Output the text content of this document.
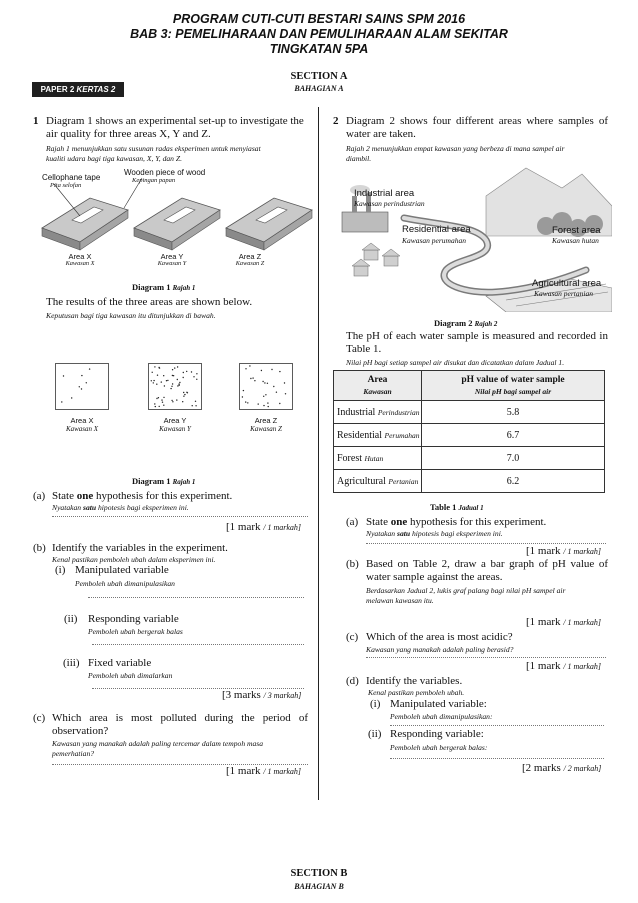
PROGRAM CUTI-CUTI BESTARI SAINS SPM 2016
BAB 3: PEMELIHARAAN DAN PEMULIHARAAN ALAM SEKITAR
TINGKATAN 5PA
SECTION A
BAHAGIAN A
PAPER 2 KERTAS 2
1 Diagram 1 shows an experimental set-up to investigate the
air quality for three areas X, Y and Z.
Rajah 1 menunjukkan satu susunan radas eksperimen untuk menyiasat
kualiti udara bagi tiga kawasan, X, Y, dan Z.
Cellophane tape
Pita selofan
Wooden piece of wood
Kepingan papan
Area X
Kawasan X
Area Y
Kawasan Y
Area Z
Kawasan Z
Diagram 1 Rajah 1
The results of the three areas are shown below.
Keputusan bagi tiga kawasan itu ditunjukkan di bawah.
Area X
Kawasan X
Area Y
Kawasan Y
Area Z
Kawasan Z
Diagram 1 Rajah 1
(a) State one hypothesis for this experiment.
Nyatakan satu hipotesis bagi eksperimen ini.
[1 mark / 1 markah]
(b) Identify the variables in the experiment.
Kenal pastikan pemboleh ubah dalam eksperimen ini.
(i) Manipulated variable
Pemboleh ubah dimanipulasikan
(ii) Responding variable
Pemboleh ubah bergerak balas
(iii) Fixed variable
Pemboleh ubah dimalarkan
[3 marks / 3 markah]
(c) Which area is most polluted during the period of
observation?
Kawasan yang manakah adalah paling tercemar dalam tempoh masa
pemerhatian?
[1 mark / 1 markah]
2 Diagram 2 shows four different areas where samples of
water are taken.
Rajah 2 menunjukkan empat kawasan yang berbeza di mana sampel air
diambil.
Industrial area
Kawasan perindustrian
Residential area
Kawasan perumahan
Forest area
Kawasan hutan
Agricultural area
Kawasan pertanian
Diagram 2 Rajah 2
The pH of each water sample is measured and recorded in
Table 1.
Nilai pH bagi setiap sampel air disukat dan dicatatkan dalam Jadual 1.
Area
Kawasan	pH value of water sample
Nilai pH bagi sampel air

Industrial Perindustrian	5.8
Residential Perumahan	6.7
Forest Hutan	7.0
Agricultural Pertanian	6.2
Table 1 Jadual 1
(a) State one hypothesis for this experiment.
Nyatakan satu hipotesis bagi eksperimen ini.
[1 mark / 1 markah]
(b) Based on Table 2, draw a bar graph of pH value of
water sample against the areas.
Berdasarkan Jadual 2, lukis graf palang bagi nilai pH sampel air
melawan kawasan itu.
[1 mark / 1 markah]
(c) Which of the area is most acidic?
Kawasan yang manakah adalah paling berasid?
[1 mark / 1 markah]
(d) Identify the variables.
Kenal pastikan pemboleh ubah.
(i) Manipulated variable:
Pemboleh ubah dimanipulasikan:
(ii) Responding variable:
Pemboleh ubah bergerak balas:
[2 marks / 2 markah]
SECTION B
BAHAGIAN B
